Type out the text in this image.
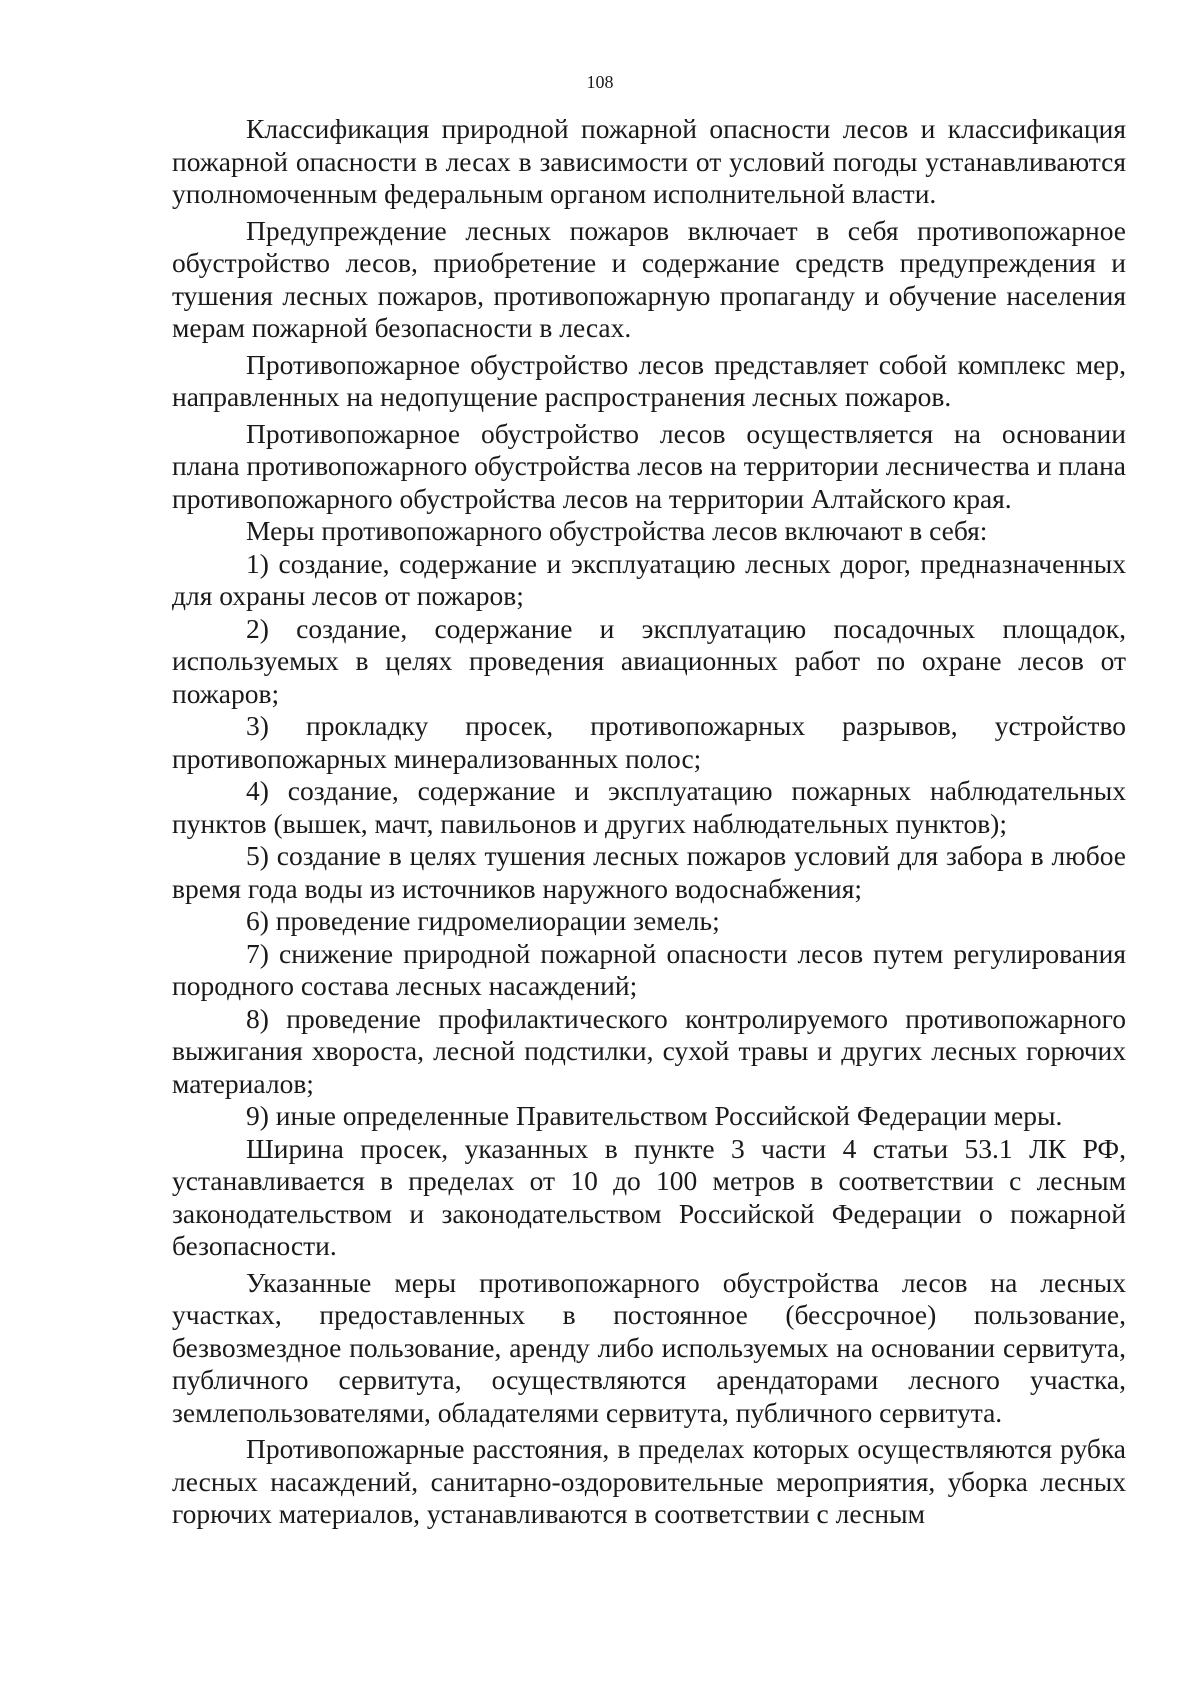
108

Классификация природной пожарной опасности лесов и классификация пожарной опасности в лесах в зависимости от условий погоды устанавливаются уполномоченным федеральным органом исполнительной власти.

Предупреждение лесных пожаров включает в себя противопожарное обустройство лесов, приобретение и содержание средств предупреждения и тушения лесных пожаров, противопожарную пропаганду и обучение населения мерам пожарной безопасности в лесах.

Противопожарное обустройство лесов представляет собой комплекс мер, направленных на недопущение распространения лесных пожаров.

Противопожарное обустройство лесов осуществляется на основании плана противопожарного обустройства лесов на территории лесничества и плана противопожарного обустройства лесов на территории Алтайского края.

Меры противопожарного обустройства лесов включают в себя:

1) создание, содержание и эксплуатацию лесных дорог, предназначенных для охраны лесов от пожаров;

2) создание, содержание и эксплуатацию посадочных площадок, используемых в целях проведения авиационных работ по охране лесов от пожаров;

3) прокладку просек, противопожарных разрывов, устройство противопожарных минерализованных полос;

4) создание, содержание и эксплуатацию пожарных наблюдательных пунктов (вышек, мачт, павильонов и других наблюдательных пунктов);

5) создание в целях тушения лесных пожаров условий для забора в любое время года воды из источников наружного водоснабжения;

6) проведение гидромелиорации земель;

7) снижение природной пожарной опасности лесов путем регулирования породного состава лесных насаждений;

8) проведение профилактического контролируемого противопожарного выжигания хвороста, лесной подстилки, сухой травы и других лесных горючих материалов;

9) иные определенные Правительством Российской Федерации меры.

Ширина просек, указанных в пункте 3 части 4 статьи 53.1 ЛК РФ, устанавливается в пределах от 10 до 100 метров в соответствии с лесным законодательством и законодательством Российской Федерации о пожарной безопасности.

Указанные меры противопожарного обустройства лесов на лесных участках, предоставленных в постоянное (бессрочное) пользование, безвозмездное пользование, аренду либо используемых на основании сервитута, публичного сервитута, осуществляются арендаторами лесного участка, землепользователями, обладателями сервитута, публичного сервитута.

Противопожарные расстояния, в пределах которых осуществляются рубка лесных насаждений, санитарно-оздоровительные мероприятия, уборка лесных горючих материалов, устанавливаются в соответствии с лесным
